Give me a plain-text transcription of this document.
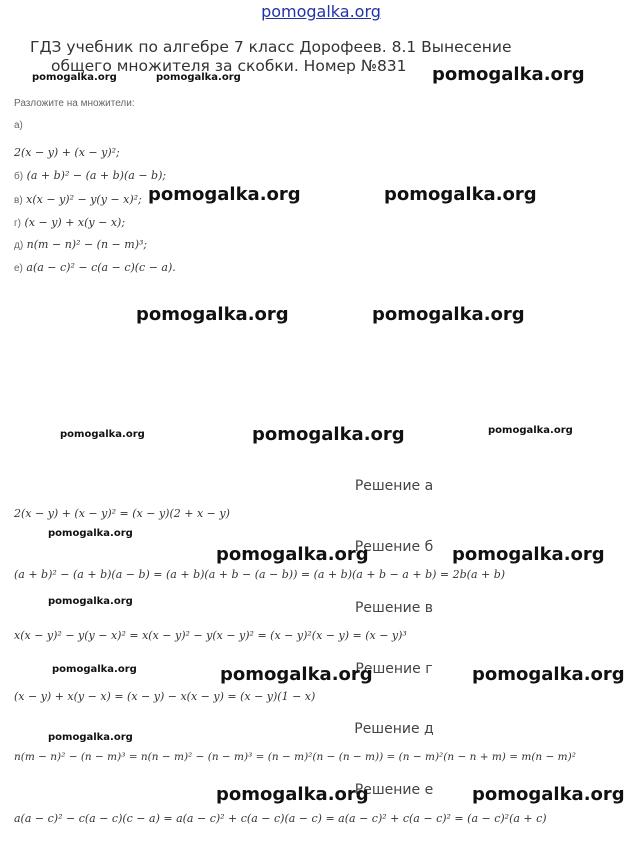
pomogalka.org
ГДЗ учебник по алгебре 7 класс Дорофеев. 8.1 Вынесение
общего множителя за скобки. Номер №831
Разложите на множители:
а)
2(x − y) + (x − y)²;
б) (a + b)² − (a + b)(a − b);
в) x(x − y)² − y(y − x)²;
г) (x − y) + x(y − x);
д) n(m − n)² − (n − m)³;
е) a(a − c)² − c(a − c)(c − a).
Решение а
2(x − y) + (x − y)² = (x − y)(2 + x − y)
Решение б
(a + b)² − (a + b)(a − b) = (a + b)(a + b − (a − b)) = (a + b)(a + b − a + b) = 2b(a + b)
Решение в
x(x − y)² − y(y − x)² = x(x − y)² − y(x − y)² = (x − y)²(x − y) = (x − y)³
Решение г
(x − y) + x(y − x) = (x − y) − x(x − y) = (x − y)(1 − x)
Решение д
n(m − n)² − (n − m)³ = n(n − m)² − (n − m)³ = (n − m)²(n − (n − m)) = (n − m)²(n − n + m) = m(n − m)²
Решение е
a(a − c)² − c(a − c)(c − a) = a(a − c)² + c(a − c)(a − c) = a(a − c)² + c(a − c)² = (a − c)²(a + c)
pomogalka.org	pomogalka.org
pomogalka.org	pomogalka.org
pomogalka.org
pomogalka.org
pomogalka.org
pomogalka.org
pomogalka.org
pomogalka.org	pomogalka.org
pomogalka.org	pomogalka.org
pomogalka.org
pomogalka.org	pomogalka.org
pomogalka.org	pomogalka.org
pomogalka.org	pomogalka.org
